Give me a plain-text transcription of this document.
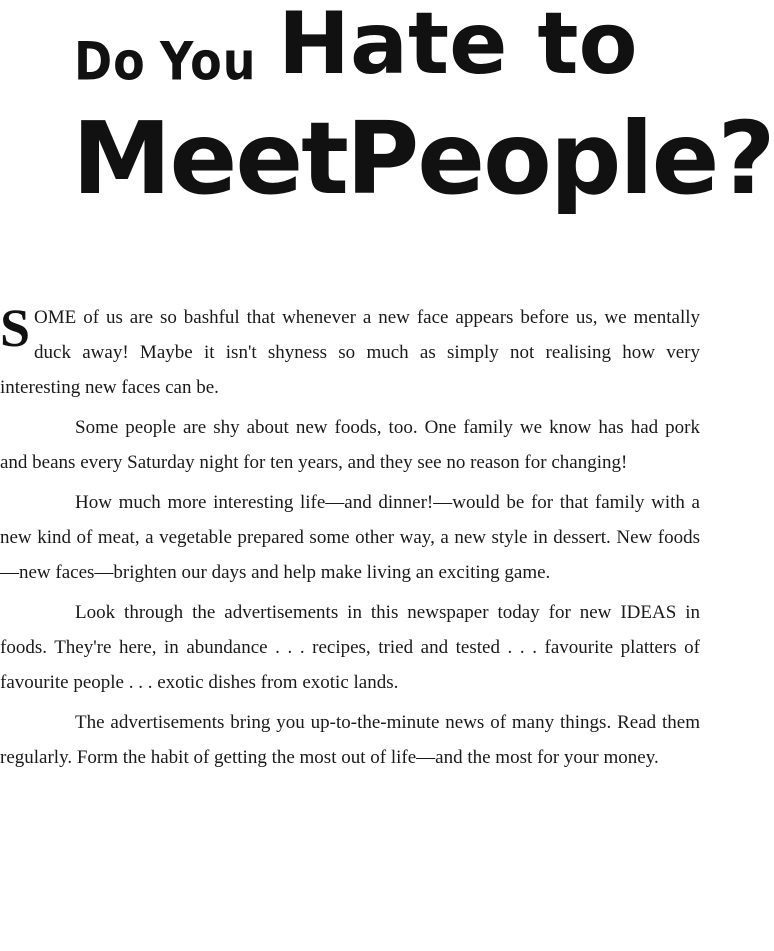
Do You Hate to
Meet People?

S OME of us are so bashful that whenever a new face appears before us, we mentally duck away! Maybe it isn't shyness so much as simply not realising how very interesting new faces can be.

Some people are shy about new foods, too. One family we know has had pork and beans every Saturday night for ten years, and they see no reason for changing!

How much more interesting life—and dinner!—would be for that family with a new kind of meat, a vegetable prepared some other way, a new style in dessert. New foods—new faces—brighten our days and help make living an exciting game.

Look through the advertisements in this newspaper today for new IDEAS in foods. They're here, in abundance . . . recipes, tried and tested . . . favourite platters of favourite people . . . exotic dishes from exotic lands.

The advertisements bring you up-to-the-minute news of many things. Read them regularly. Form the habit of getting the most out of life—and the most for your money.
